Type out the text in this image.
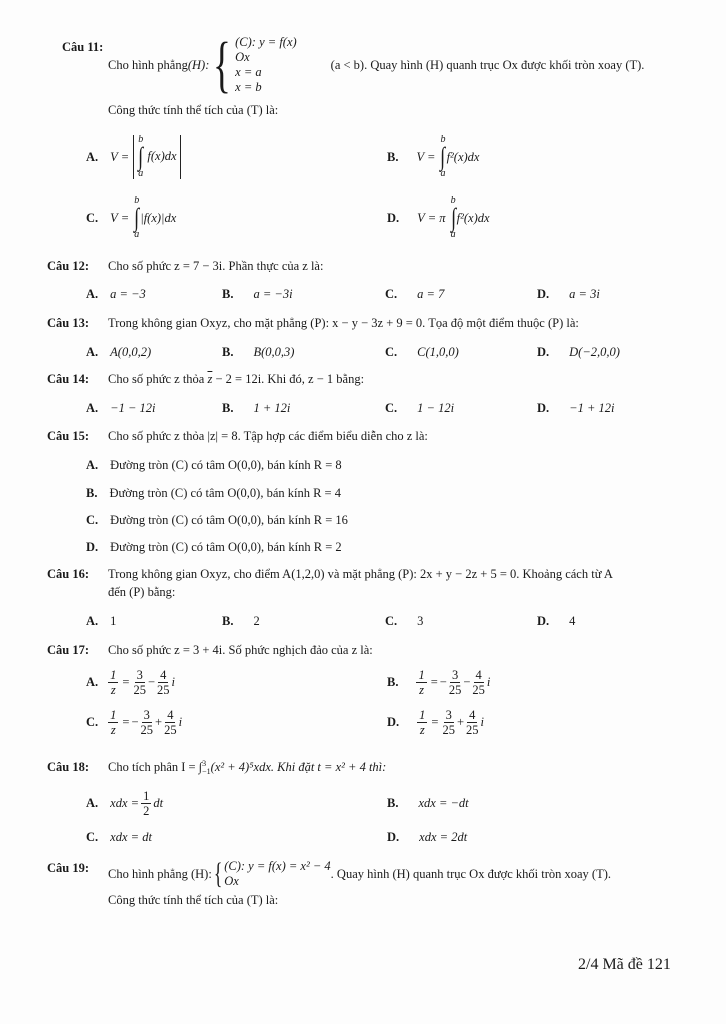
Câu 11:
Cho hình phẳng (H): { (C): y = f(x)
Ox
x = a
x = b
(a < b). Quay hình (H) quanh trục Ox được khối tròn xoay (T).
Công thức tính thể tích của (T) là:
A. V =
b
∫
a
f(x)dx	B. V =
b
∫
a
f²(x)dx
C. V =
b
∫
a
|f(x)|dx	D. V = π
b
∫
a
f²(x)dx
Câu 12: Cho số phức z = 7 − 3i. Phần thực của z là:
A. a = −3	B. a = −3i	C. a = 7	D. a = 3i
Câu 13: Trong không gian Oxyz, cho mặt phẳng (P): x − y − 3z + 9 = 0. Tọa độ một điểm thuộc (P) là:
A. A(0,0,2)	B. B(0,0,3)	C. C(1,0,0)	D. D(−2,0,0)
Câu 14: Cho số phức z thỏa $\overline{z} - 2 = 12i$. Khi đó, z − 1 bằng:
A. −1 − 12i	B. 1 + 12i	C. 1 − 12i	D. −1 + 12i
Câu 15: Cho số phức z thỏa |z| = 8. Tập hợp các điểm biểu diễn cho z là:
A. Đường tròn (C) có tâm O(0,0), bán kính R = 8
B. Đường tròn (C) có tâm O(0,0), bán kính R = 4
C. Đường tròn (C) có tâm O(0,0), bán kính R = 16
D. Đường tròn (C) có tâm O(0,0), bán kính R = 2
Câu 16: Trong không gian Oxyz, cho điểm A(1,2,0) và mặt phẳng (P): 2x + y − 2z + 5 = 0. Khoảng cách từ A
đến (P) bằng:
A. 1	B. 2	C. 3	D. 4
Câu 17: Cho số phức z = 3 + 4i. Số phức nghịch đảo của z là:
A. $\frac{1}{z} = \frac{3}{25} - \frac{4}{25}$ i	B. $\frac{1}{z}$ = − $\frac{3}{25} - \frac{4}{25}$ i
C. $\frac{1}{z}$ = − $\frac{3}{25} + \frac{4}{25}$ i	D. $\frac{1}{z} = \frac{3}{25} + \frac{4}{25}$ i
Câu 18: Cho tích phân I = ∫ 3
−1 (x² + 4)⁵xdx. Khi đặt t = x² + 4 thì:
A. xdx = $\frac{1}{2}$ dt	B. xdx = −dt
C. xdx = dt	D. xdx = 2dt
Câu 19: Cho hình phẳng (H): { (C): y = f(x) = x² − 4
Ox
. Quay hình (H) quanh trục Ox được khối tròn xoay (T).
Công thức tính thể tích của (T) là:
2/4 Mã đề 121
